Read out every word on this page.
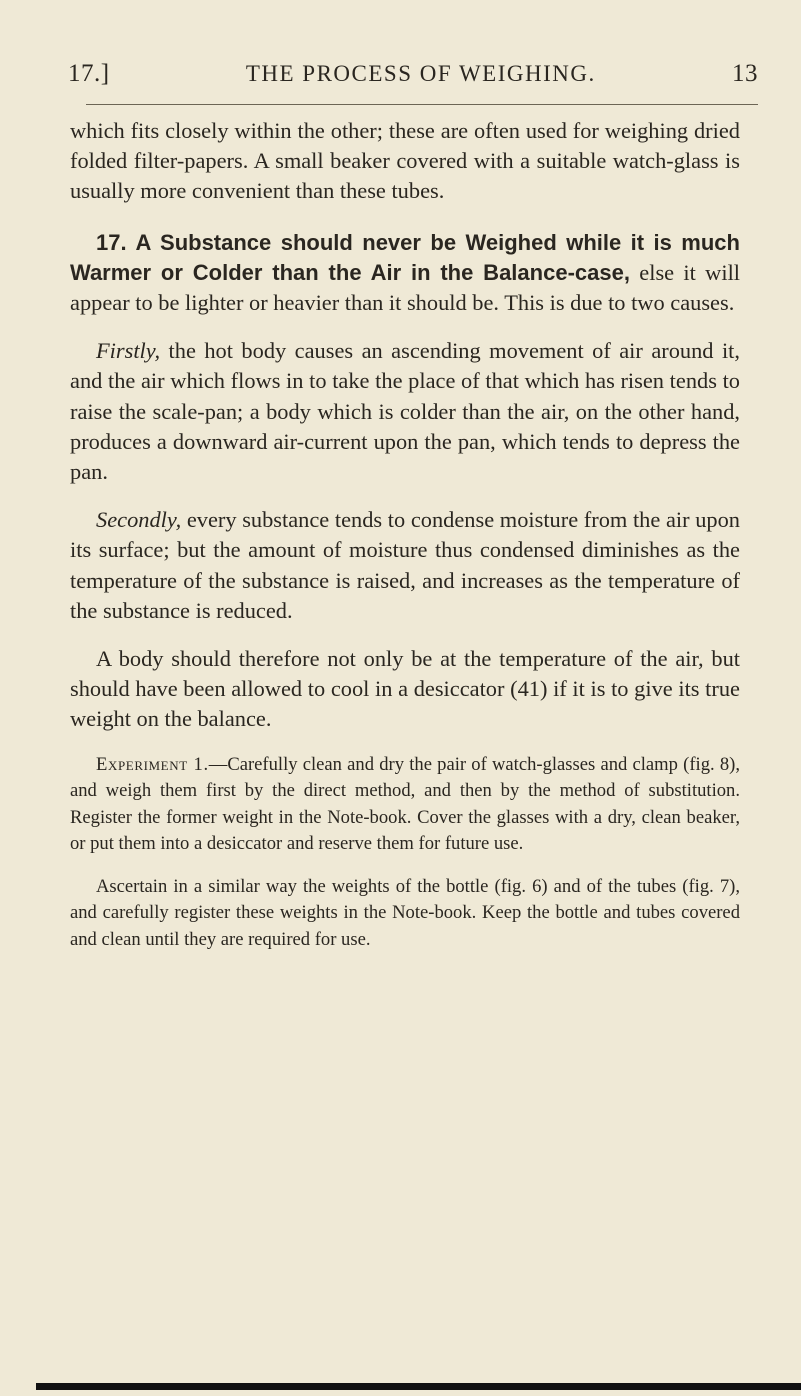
17.]	THE PROCESS OF WEIGHING.	13

which fits closely within the other; these are often used for weighing dried folded filter-papers. A small beaker covered with a suitable watch-glass is usually more convenient than these tubes.

17. A Substance should never be Weighed while it is much Warmer or Colder than the Air in the Balance-case, else it will appear to be lighter or heavier than it should be. This is due to two causes.

Firstly, the hot body causes an ascending movement of air around it, and the air which flows in to take the place of that which has risen tends to raise the scale-pan; a body which is colder than the air, on the other hand, produces a downward air-current upon the pan, which tends to depress the pan.

Secondly, every substance tends to condense moisture from the air upon its surface; but the amount of moisture thus condensed diminishes as the temperature of the substance is raised, and increases as the temperature of the substance is reduced.

A body should therefore not only be at the temperature of the air, but should have been allowed to cool in a desiccator (41) if it is to give its true weight on the balance.

Experiment 1.—Carefully clean and dry the pair of watch-glasses and clamp (fig. 8), and weigh them first by the direct method, and then by the method of substitution. Register the former weight in the Note-book. Cover the glasses with a dry, clean beaker, or put them into a desiccator and reserve them for future use.

Ascertain in a similar way the weights of the bottle (fig. 6) and of the tubes (fig. 7), and carefully register these weights in the Note-book. Keep the bottle and tubes covered and clean until they are required for use.
